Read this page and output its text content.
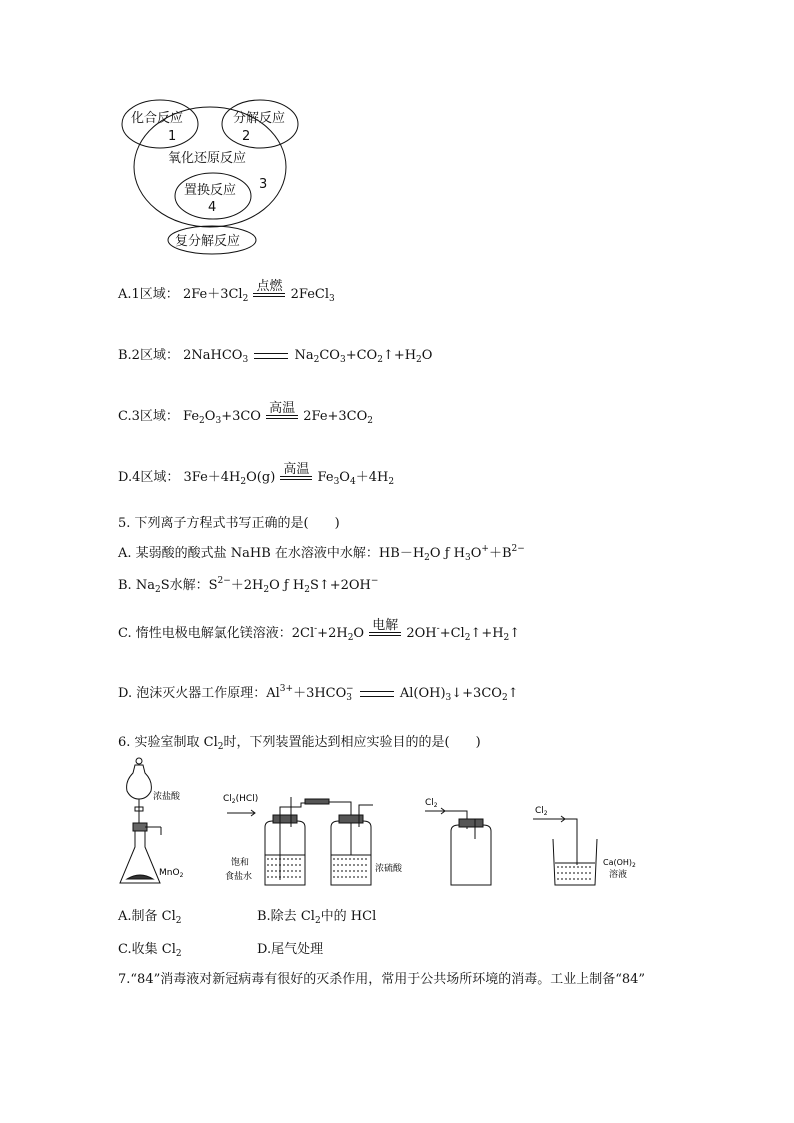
化合反应
1
分解反应
2
氧化还原反应
3
置换反应
4
复分解反应
A.1区域： $2Fe+3Cl_2$
点燃
2FeCl$_3$
B.2区域： 2NaHCO$_3$	$Na_2CO_3+CO_2↑+H_2O$
C.3区域： $Fe_2O_3+3CO$
高温
$2Fe+3CO_2$
D.4区域： $3Fe+4H_2O(g)$
高温
$Fe_3O_4+4H_2$
5. 下列离子方程式书写正确的是(　　)
A. 某弱酸的酸式盐 NaHB 在水溶液中水解：$HB-H_2O$ ƒ $H_3O^++B^{2-}$
B. $Na_2S$水解：$S^{2-}+2H_2O$ ƒ $H_2S↑+2OH^-$
C. 惰性电极电解氯化镁溶液：$2Cl^-+2H_2O$
电解
$2OH^-+Cl_2↑+H_2↑$
D. 泡沫灭火器工作原理：$Al^{3+}+3HCO_3^-$	$Al(OH)_3↓+3CO_2↑$
6. 实验室制取 $Cl_2$时，下列装置能达到相应实验目的的是(　　)
浓盐酸
MnO$_2$
$Cl_2(HCl)$
饱和
食盐水
浓硫酸
$Cl_2$
$Cl_2$
$Ca(OH)_2$
溶液
A.制备 $Cl_2$	B.除去 $Cl_2$中的 HCl
C.收集 $Cl_2$	D.尾气处理
7.“84”消毒液对新冠病毒有很好的灭杀作用，常用于公共场所环境的消毒。工业上制备“84”
